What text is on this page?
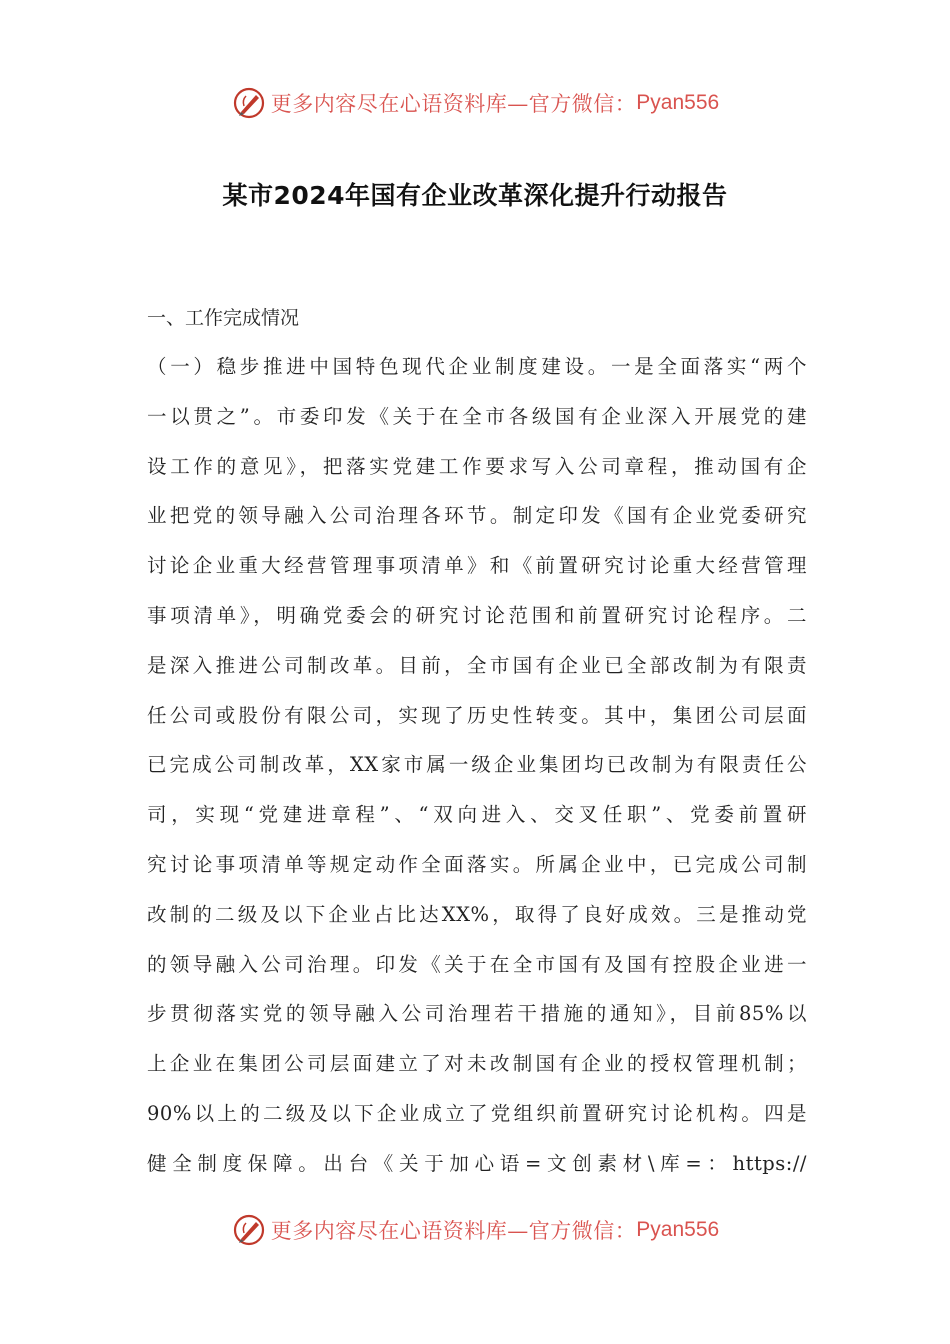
更多内容尽在心语资料库—官方微信： Pyan556
某市2024年国有企业改革深化提升行动报告
一、工作完成情况
（一）稳步推进中国特色现代企业制度建设。一是全面落实“两个
一以贯之”。市委印发《关于在全市各级国有企业深入开展党的建
设工作的意见》，把落实党建工作要求写入公司章程，推动国有企
业把党的领导融入公司治理各环节。制定印发《国有企业党委研究
讨论企业重大经营管理事项清单》和《前置研究讨论重大经营管理
事项清单》，明确党委会的研究讨论范围和前置研究讨论程序。二
是深入推进公司制改革。目前，全市国有企业已全部改制为有限责
任公司或股份有限公司，实现了历史性转变。其中，集团公司层面
已完成公司制改革，XX家市属一级企业集团均已改制为有限责任公
司，实现“党建进章程”、“双向进入、交叉任职”、党委前置研
究讨论事项清单等规定动作全面落实。所属企业中，已完成公司制
改制的二级及以下企业占比达XX%，取得了良好成效。三是推动党
的领导融入公司治理。印发《关于在全市国有及国有控股企业进一
步贯彻落实党的领导融入公司治理若干措施的通知》，目前85%以
上企业在集团公司层面建立了对未改制国有企业的授权管理机制；
90%以上的二级及以下企业成立了党组织前置研究讨论机构。四是
健全制度保障。出台《关于加心语=文创素材\库=：https://
更多内容尽在心语资料库—官方微信： Pyan556
